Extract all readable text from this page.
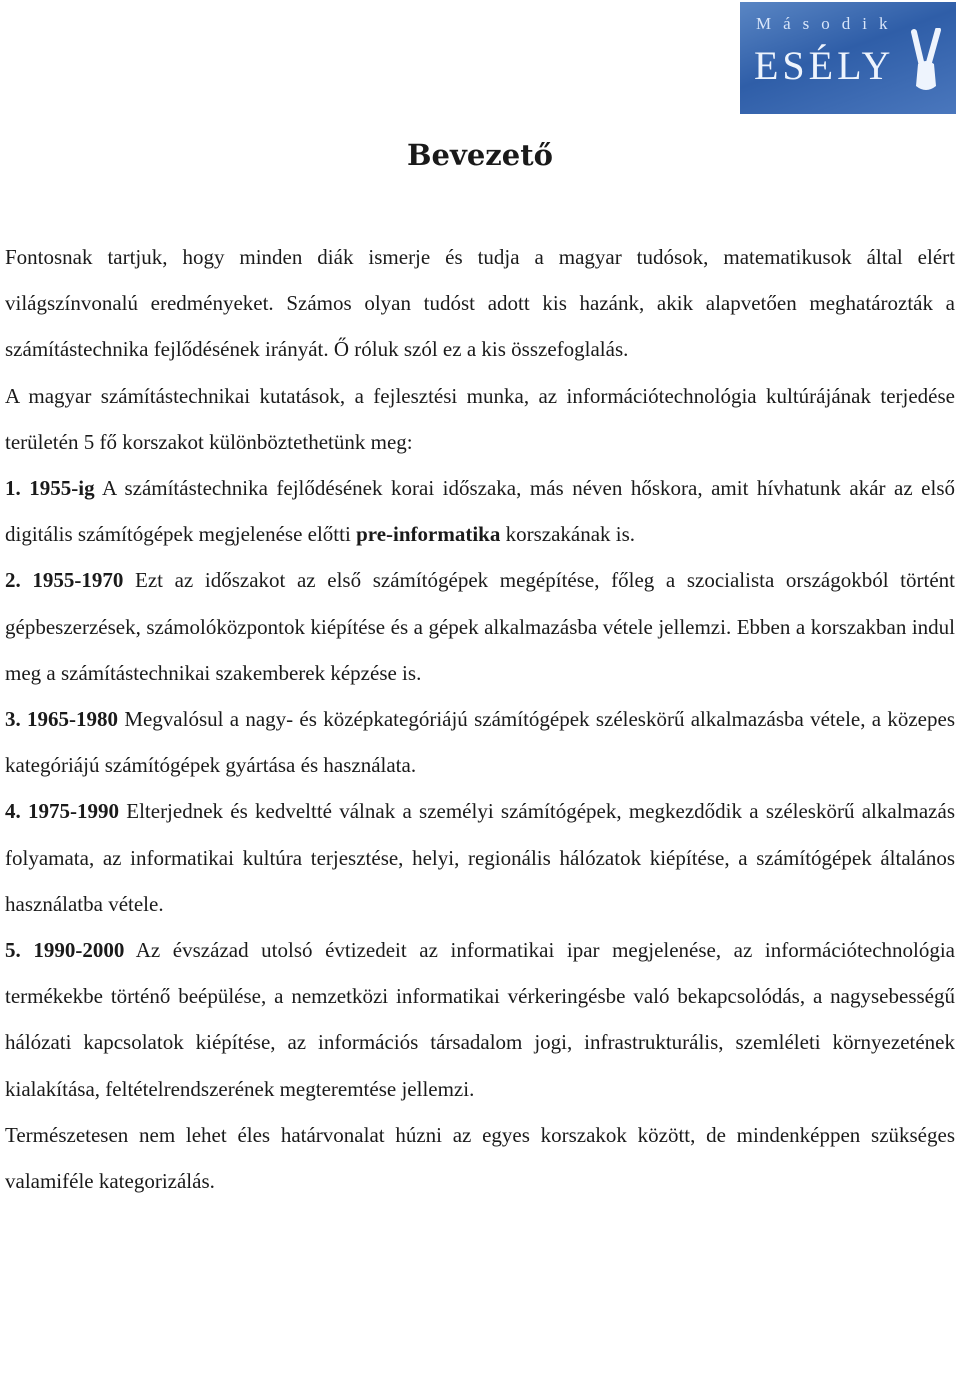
Második
ESÉLY
Bevezető

Fontosnak tartjuk, hogy minden diák ismerje és tudja a magyar tudósok, matematikusok által elért világszínvonalú eredményeket. Számos olyan tudóst adott kis hazánk, akik alapvetően meghatározták a számítástechnika fejlődésének irányát. Ő róluk szól ez a kis összefoglalás.

A magyar számítástechnikai kutatások, a fejlesztési munka, az információtechnológia kultúrájának terjedése területén 5 fő korszakot különböztethetünk meg:

1. 1955-ig A számítástechnika fejlődésének korai időszaka, más néven hőskora, amit hívhatunk akár az első digitális számítógépek megjelenése előtti pre-informatika korszakának is.

2. 1955-1970 Ezt az időszakot az első számítógépek megépítése, főleg a szocialista országokból történt gépbeszerzések, számolóközpontok kiépítése és a gépek alkalmazásba vétele jellemzi. Ebben a korszakban indul meg a számítástechnikai szakemberek képzése is.

3. 1965-1980 Megvalósul a nagy- és középkategóriájú számítógépek széleskörű alkalmazásba vétele, a közepes kategóriájú számítógépek gyártása és használata.

4. 1975-1990 Elterjednek és kedveltté válnak a személyi számítógépek, megkezdődik a széleskörű alkalmazás folyamata, az informatikai kultúra terjesztése, helyi, regionális hálózatok kiépítése, a számítógépek általános használatba vétele.

5. 1990-2000 Az évszázad utolsó évtizedeit az informatikai ipar megjelenése, az információtechnológia termékekbe történő beépülése, a nemzetközi informatikai vérkeringésbe való bekapcsolódás, a nagysebességű hálózati kapcsolatok kiépítése, az információs társadalom jogi, infrastrukturális, szemléleti környezetének kialakítása, feltételrendszerének megteremtése jellemzi.

Természetesen nem lehet éles határvonalat húzni az egyes korszakok között, de mindenképpen szükséges valamiféle kategorizálás.
